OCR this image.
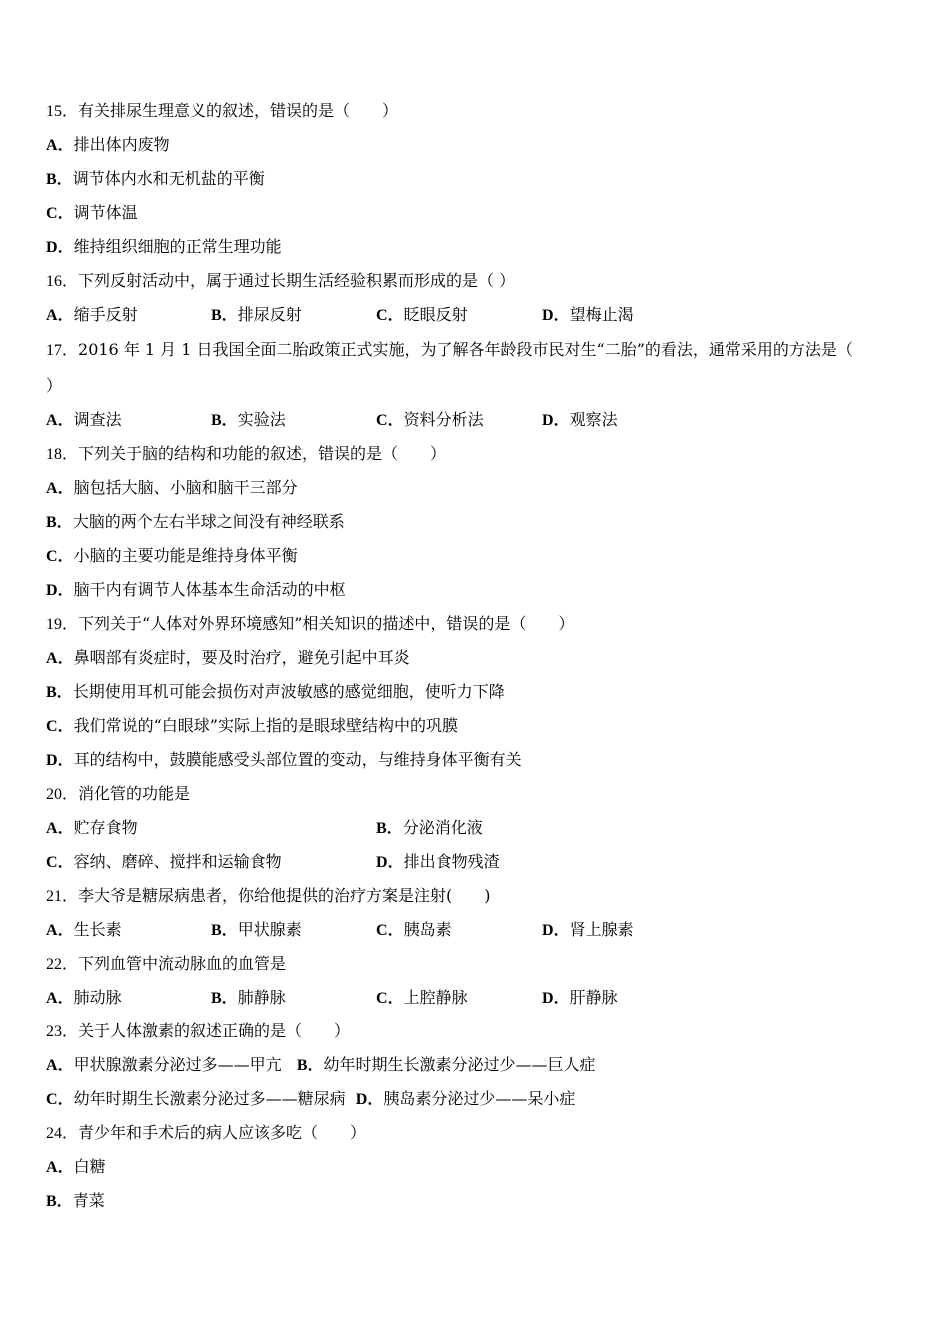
15．有关排尿生理意义的叙述，错误的是（　　）
A．排出体内废物
B．调节体内水和无机盐的平衡
C．调节体温
D．维持组织细胞的正常生理功能
16．下列反射活动中，属于通过长期生活经验积累而形成的是（ ）
A．缩手反射	B．排尿反射	C．眨眼反射	D．望梅止渴
17．2016 年 1 月 1 日我国全面二胎政策正式实施，为了解各年龄段市民对生“二胎”的看法，通常采用的方法是（
）
A．调查法	B．实验法	C．资料分析法	D．观察法
18．下列关于脑的结构和功能的叙述，错误的是（　　）
A．脑包括大脑、小脑和脑干三部分
B．大脑的两个左右半球之间没有神经联系
C．小脑的主要功能是维持身体平衡
D．脑干内有调节人体基本生命活动的中枢
19．下列关于“人体对外界环境感知”相关知识的描述中，错误的是（　　）
A．鼻咽部有炎症时，要及时治疗，避免引起中耳炎
B．长期使用耳机可能会损伤对声波敏感的感觉细胞，使听力下降
C．我们常说的“白眼球”实际上指的是眼球壁结构中的巩膜
D．耳的结构中，鼓膜能感受头部位置的变动，与维持身体平衡有关
20．消化管的功能是
A．贮存食物	B．分泌消化液
C．容纳、磨碎、搅拌和运输食物	D．排出食物残渣
21．李大爷是糖尿病患者，你给他提供的治疗方案是注射(　　)
A．生长素	B．甲状腺素	C．胰岛素	D．肾上腺素
22．下列血管中流动脉血的血管是
A．肺动脉	B．肺静脉	C．上腔静脉	D．肝静脉
23．关于人体激素的叙述正确的是（　　）
A．甲状腺激素分泌过多——甲亢 B．幼年时期生长激素分泌过少——巨人症
C．幼年时期生长激素分泌过多——糖尿病 D．胰岛素分泌过少——呆小症
24．青少年和手术后的病人应该多吃（　　）
A．白糖
B．青菜
